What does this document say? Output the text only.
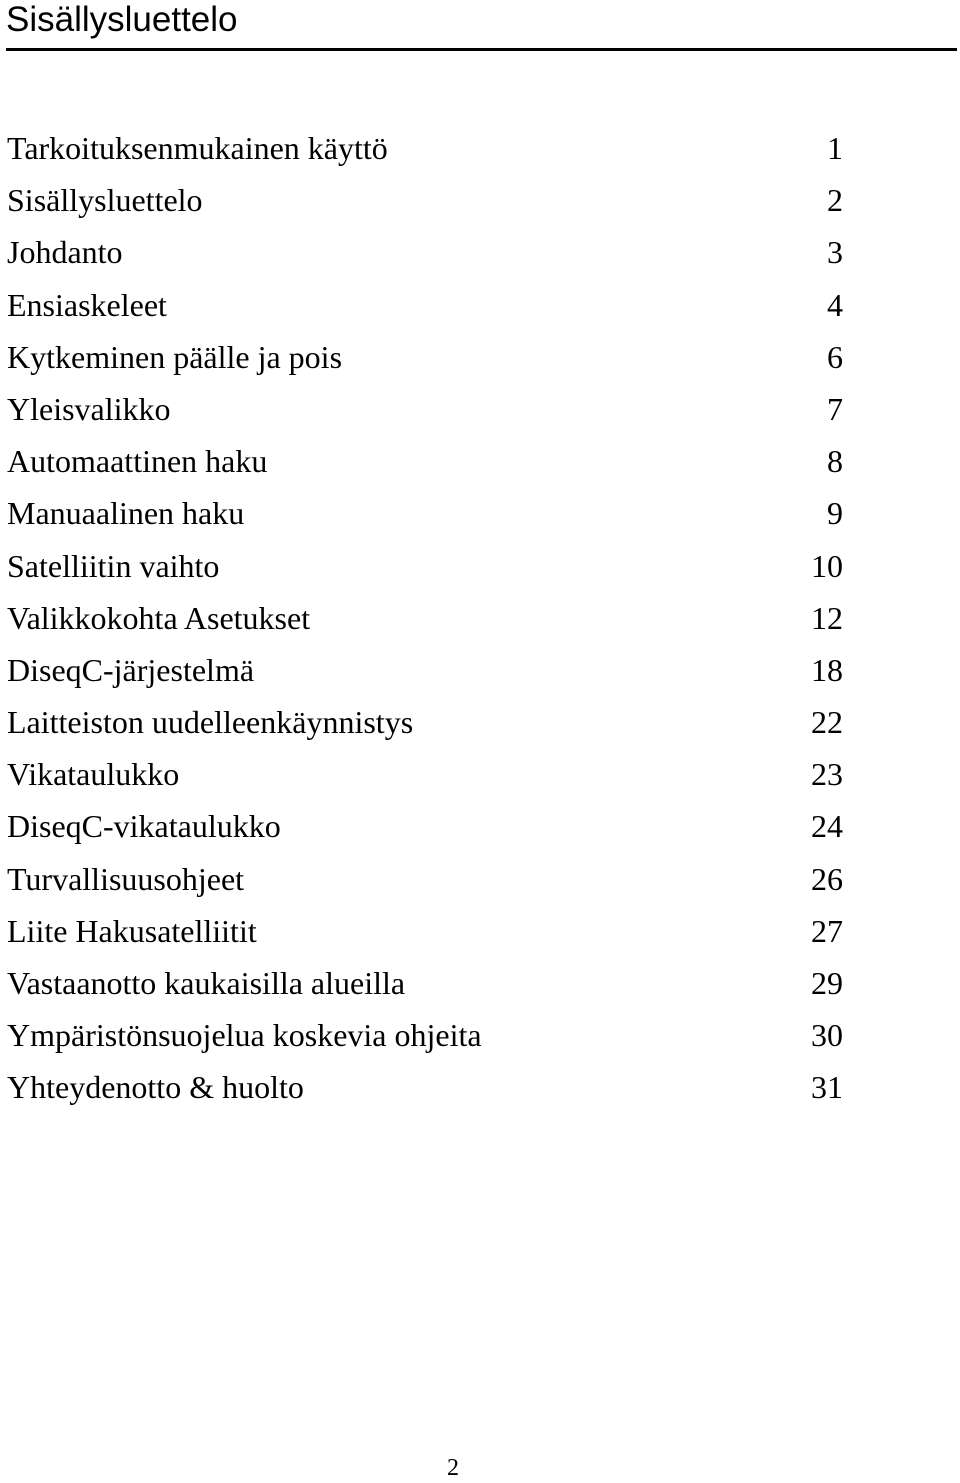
Sisällysluettelo
Tarkoituksenmukainen käyttö	1
Sisällysluettelo	2
Johdanto	3
Ensiaskeleet	4
Kytkeminen päälle ja pois	6
Yleisvalikko	7
Automaattinen haku	8
Manuaalinen haku	9
Satelliitin vaihto	10
Valikkokohta Asetukset	12
DiseqC-järjestelmä	18
Laitteiston uudelleenkäynnistys	22
Vikataulukko	23
DiseqC-vikataulukko	24
Turvallisuusohjeet	26
Liite Hakusatelliitit	27
Vastaanotto kaukaisilla alueilla	29
Ympäristönsuojelua koskevia ohjeita	30
Yhteydenotto & huolto	31
2
